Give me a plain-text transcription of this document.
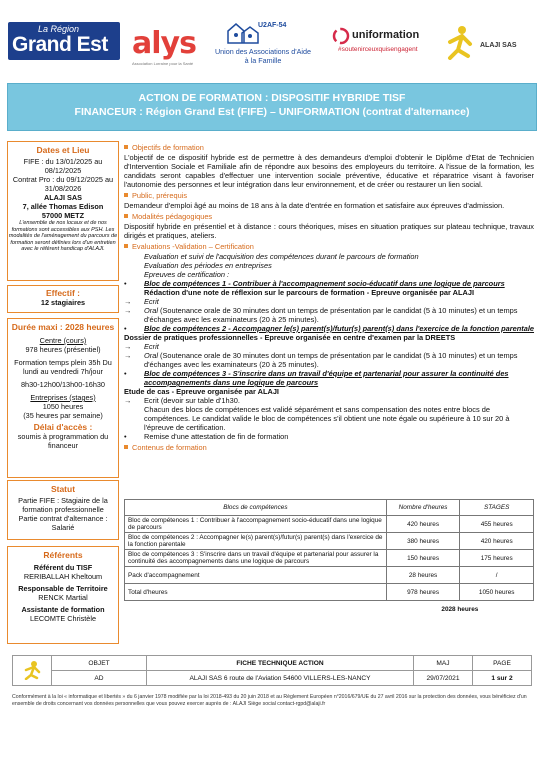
La Région
Grand Est alys
Association Lorraine pour la Santé
U2AF-54
Union des Associations d'Aide à la Famille
uniformation
#soutenirceuxquisengagent
ALAJI SAS
ACTION DE FORMATION : DISPOSITIF HYBRIDE TISF
FINANCEUR : Région Grand Est (FIFE) – UNIFORMATION (contrat d'alternance)
Dates et Lieu
FIFE : du 13/01/2025 au 08/12/2025
Contrat Pro : du 09/12/2025 au 31/08/2026
ALAJI SAS
7, allée Thomas Edison
57000 METZ
L'ensemble de nos locaux et de nos formations sont accessibles aux PSH. Les modalités de l'aménagement du parcours de formation seront définies lors d'un entretien avec le référent handicap d'ALAJI.
Effectif :
12 stagiaires
Durée maxi : 2028 heures
Centre (cours)
978 heures (présentiel)
Formation temps plein 35h Du lundi au vendredi 7h/jour
8h30-12h00/13h00-16h30
Entreprises (stages)
1050 heures
(35 heures par semaine)
Délai d'accès :
soumis à programmation du financeur
Statut
Partie FIFE : Stagiaire de la formation professionnelle
Partie contrat d'alternance : Salarié
Référents
Référent du TISF
RERIBALLAH Kheltoum
Responsable de Territoire
RENCK Martial
Assistante de formation
LECOMTE Christèle
Objectifs de formation
L'objectif de ce dispositif hybride est de permettre à des demandeurs d'emploi d'obtenir le Diplôme d'Etat de Technicien d'Intervention Sociale et Familiale afin de répondre aux besoins des employeurs du territoire. A l'issue de la formation, les candidats seront capables d'effectuer une intervention sociale préventive, éducative et réparatrice visant à favoriser l'autonomie des personnes et leur intégration dans leur environnement, et de créer ou restaurer un lien social.
Public, prérequis
Demandeur d'emploi âgé au moins de 18 ans à la date d'entrée en formation et satisfaire aux épreuves d'admission.
Modalités pédagogiques
Dispositif hybride en présentiel et à distance : cours théoriques, mises en situation pratiques sur plateau technique, travaux dirigés et pratiques, ateliers.
Evaluations -Validation – Certification
Evaluation et suivi de l'acquisition des compétences durant le parcours de formation
Evaluation des périodes en entreprises
Epreuves de certification :
• Bloc de compétences 1 - Contribuer à l'accompagnement socio-éducatif dans une logique de parcours
Rédaction d'une note de réflexion sur le parcours de formation - Epreuve organisée par ALAJI
→ Ecrit
→ Oral (Soutenance orale de 30 minutes dont un temps de présentation par le candidat (5 à 10 minutes) et un temps d'échanges avec les examinateurs (20 à 25 minutes).
• Bloc de compétences 2 - Accompagner le(s) parent(s)/futur(s) parent(s) dans l'exercice de la fonction parentale
Dossier de pratiques professionnelles - Epreuve organisée en centre d'examen par la DREETS
→ Ecrit
→ Oral (Soutenance orale de 30 minutes dont un temps de présentation par le candidat (5 à 10 minutes) et un temps d'échanges avec les examinateurs (20 à 25 minutes).
• Bloc de compétences 3 - S'inscrire dans un travail d'équipe et partenarial pour assurer la continuité des accompagnements dans une logique de parcours
Etude de cas - Epreuve organisée par ALAJI
→ Ecrit (devoir sur table d'1h30.
Chacun des blocs de compétences est validé séparément et sans compensation des notes entre blocs de compétences. Le candidat valide le bloc de compétences s'il obtient une note égale ou supérieure à 10 sur 20 à l'épreuve de certification.
• Remise d'une attestation de fin de formation
Contenus de formation
Blocs de compétences	Nombre d'heures	STAGES
Bloc de compétences 1 : Contribuer à l'accompagnement socio-éducatif dans une logique de parcours	420 heures	455 heures
Bloc de compétences 2 : Accompagner le(s) parent(s)/futur(s) parent(s) dans l'exercice de la fonction parentale	380 heures	420 heures
Bloc de compétences 3 : S'inscrire dans un travail d'équipe et partenarial pour assurer la continuité des accompagnements dans une logique de parcours	150 heures	175 heures
Pack d'accompagnement	28 heures	/
Total d'heures	978 heures	1050 heures
	2028 heures	
	OBJET	FICHE TECHNIQUE ACTION	MAJ	PAGE
	AD	ALAJI SAS 6 route de l'Aviation 54600 VILLERS-LES-NANCY	29/07/2021	1 sur 2
Conformément à la loi « informatique et libertés » du 6 janvier 1978 modifiée par la loi 2018-493 du 20 juin 2018 et au Règlement Européen n°2016/679/UE du 27 avril 2016 sur la protection des données, vous bénéficiez d'un ensemble de droits concernant vos données personnelles que vous pouvez exercer auprès de : ALAJI Siège social contact-rgpd@alaji.fr
